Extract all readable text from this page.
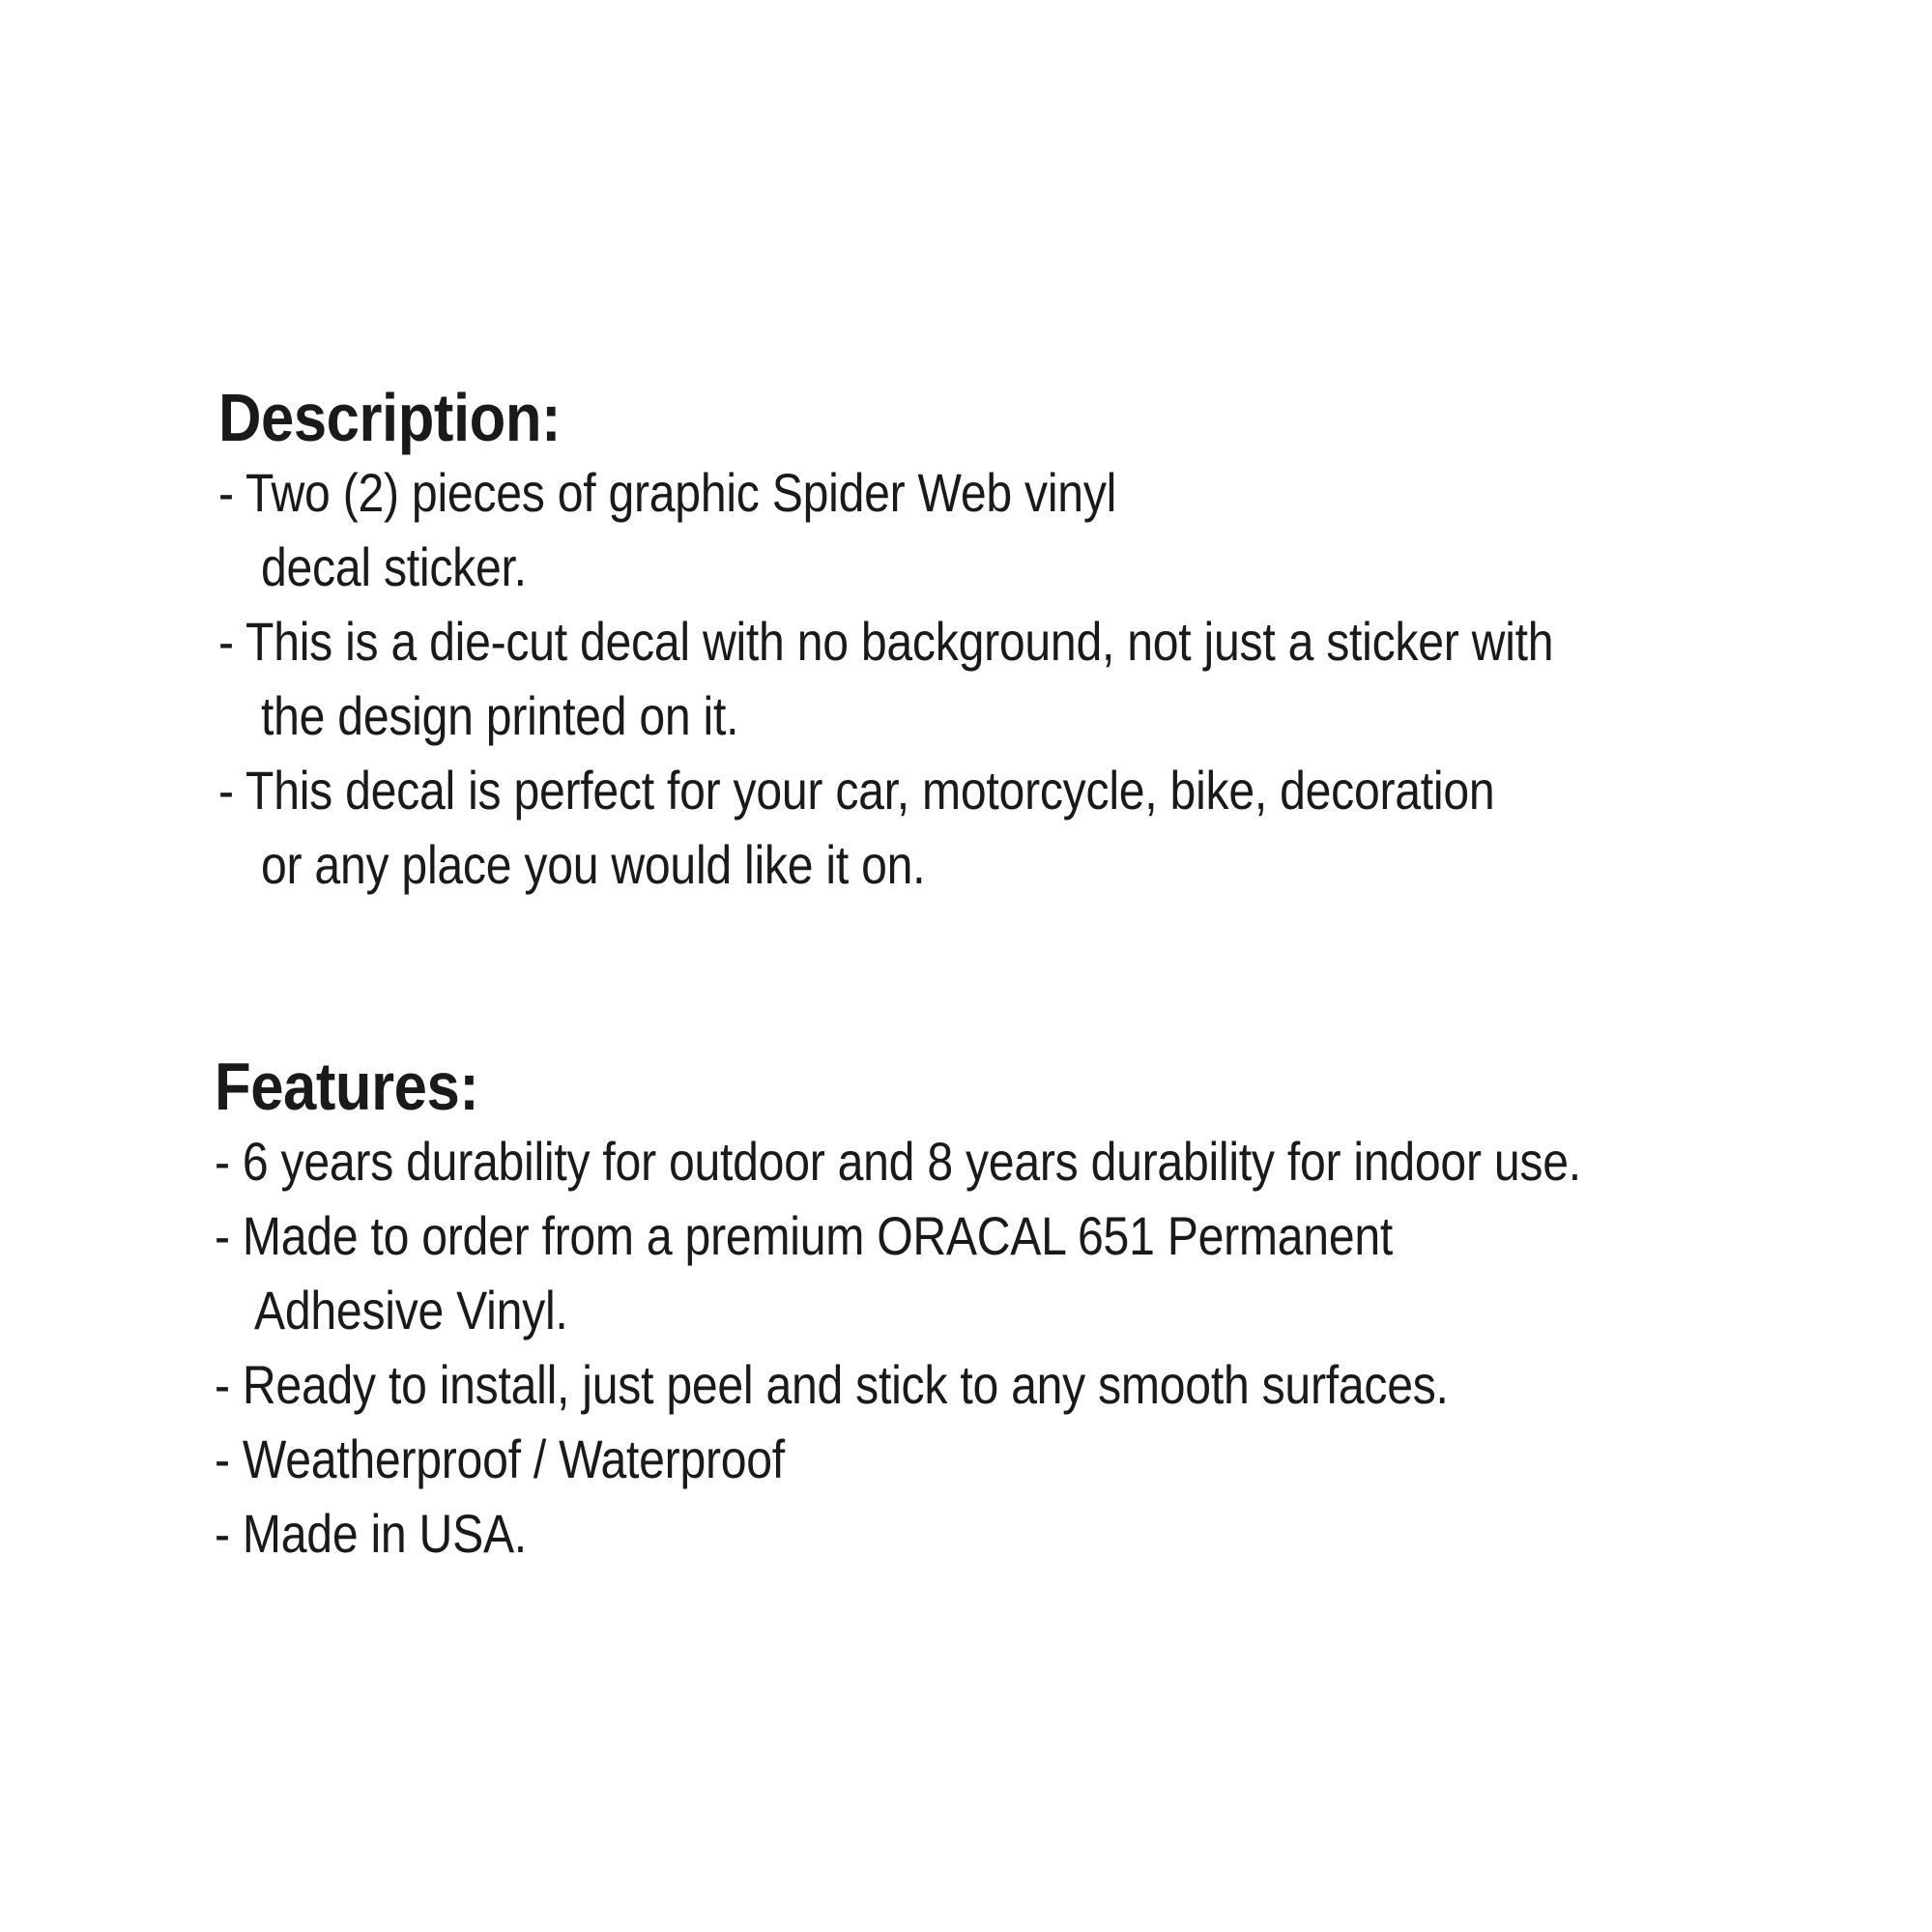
Description:
- Two (2) pieces of graphic Spider Web vinyl
decal sticker.
- This is a die-cut decal with no background, not just a sticker with
the design printed on it.
- This decal is perfect for your car, motorcycle, bike, decoration
or any place you would like it on.
Features:
- 6 years durability for outdoor and 8 years durability for indoor use.
- Made to order from a premium ORACAL 651 Permanent
Adhesive Vinyl.
- Ready to install, just peel and stick to any smooth surfaces.
- Weatherproof / Waterproof
- Made in USA.
